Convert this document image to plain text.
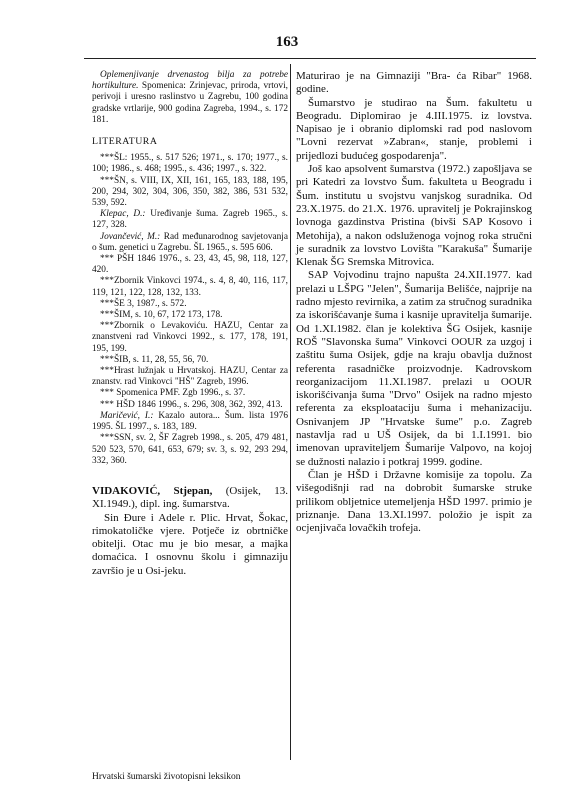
163

Oplemenjivanje drvenastog bilja za potrebe hortikulture. Spomenica: Zrinjevac, priroda, vrtovi, perivoji i uresno raslinstvo u Zagrebu, 100 godina gradske vrtlarije, 900 godina Zagreba, 1994., s. 172 181.

LITERATURA

***ŠL: 1955., s. 517 526; 1971., s. 170; 1977., s. 100; 1986., s. 468; 1995., s. 436; 1997., s. 322.

***ŠN, s. VIII, IX, XII, 161, 165, 183, 188, 195, 200, 294, 302, 304, 306, 350, 382, 386, 531 532, 539, 592.

Klepac, D.: Uređivanje šuma. Zagreb 1965., s. 127, 328.

Jovančević, M.: Rad međunarodnog savjetovanja o šum. genetici u Zagrebu. ŠL 1965., s. 595 606.

*** PŠH 1846 1976., s. 23, 43, 45, 98, 118, 127, 420.

***Zbornik Vinkovci 1974., s. 4, 8, 40, 116, 117, 119, 121, 122, 128, 132, 133.

***ŠE 3, 1987., s. 572.

***ŠIM, s. 10, 67, 172 173, 178.

***Zbornik o Levakoviću. HAZU, Centar za znanstveni rad Vinkovci 1992., s. 177, 178, 191, 195, 199.

***ŠIB, s. 11, 28, 55, 56, 70.

***Hrast lužnjak u Hrvatskoj. HAZU, Centar za znanstv. rad Vinkovci "HŠ" Zagreb, 1996.

*** Spomenica PMF. Zgb 1996., s. 37.

*** HŠD 1846 1996., s. 296, 308, 362, 392, 413.

Maričević, I.: Kazalo autora... Šum. lista 1976 1995. ŠL 1997., s. 183, 189.

***SSN, sv. 2, ŠF Zagreb 1998., s. 205, 479 481, 520 523, 570, 641, 653, 679; sv. 3, s. 92, 293 294, 332, 360.

VIDAKOVIĆ, Stjepan, (Osijek, 13. XI.1949.), dipl. ing. šumarstva.

Sin Đure i Adele r. Plic. Hrvat, Šokac, rimokatoličke vjere. Potječe iz obrtničke obitelji. Otac mu je bio mesar, a majka domaćica. I osnovnu školu i gimnaziju završio je u Osi-jeku.

Maturirao je na Gimnaziji "Bra- ća Ribar" 1968. godine.

Šumarstvo je studirao na Šum. fakultetu u Beogradu. Diplomirao je 4.III.1975. iz lovstva. Napisao je i obranio diplomski rad pod naslovom "Lovni rezervat »Zabran«, stanje, problemi i prijedlozi budućeg gospodarenja".

Još kao apsolvent šumarstva (1972.) zapošljava se pri Katedri za lovstvo Šum. fakulteta u Beogradu i Šum. institutu u svojstvu vanjskog suradnika. Od 23.X.1975. do 21.X. 1976. upravitelj je Pokrajinskog lovnoga gazdinstva Pristina (bivši SAP Kosovo i Metohija), a nakon odsluženoga vojnog roka stručni je suradnik za lovstvo Lovišta "Karakuša" Šumarije Klenak ŠG Sremska Mitrovica.

SAP Vojvodinu trajno napušta 24.XII.1977. kad prelazi u LŠPG "Jelen", Šumarija Belišće, najprije na radno mjesto revirnika, a zatim za stručnog suradnika za iskorišćavanje šuma i kasnije upravitelja šumarije. Od 1.XI.1982. član je kolektiva ŠG Osijek, kasnije ROŠ "Slavonska šuma" Vinkovci OOUR za uzgoj i zaštitu šuma Osijek, gdje na kraju obavlja dužnost referenta rasadničke proizvodnje. Kadrovskom reorganizacijom 11.XI.1987. prelazi u OOUR iskorišćivanja šuma "Drvo" Osijek na radno mjesto referenta za eksploataciju šuma i mehanizaciju. Osnivanjem JP "Hrvatske šume" p.o. Zagreb nastavlja rad u UŠ Osijek, da bi 1.I.1991. bio imenovan upraviteljem Šumarije Valpovo, na kojoj se dužnosti nalazio i potkraj 1999. godine.

Član je HŠD i Državne komisije za topolu. Za višegodišnji rad na dobrobit šumarske struke prilikom obljetnice utemeljenja HŠD 1997. primio je priznanje. Dana 13.XI.1997. položio je ispit za ocjenjivača lovačkih trofeja.

Hrvatski šumarski životopisni leksikon
